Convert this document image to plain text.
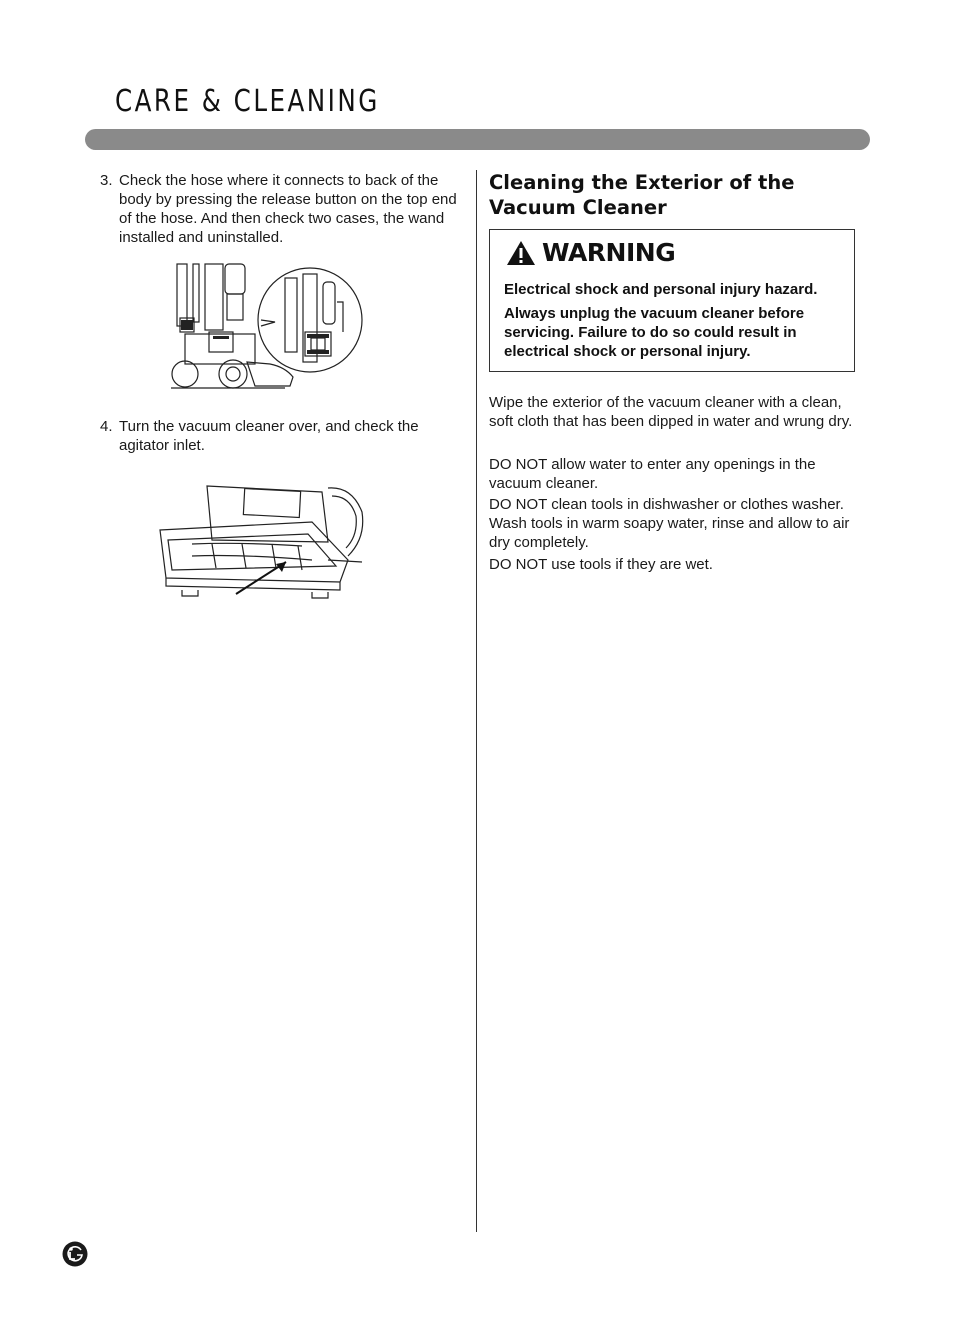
CARE & CLEANING
3. Check the hose where it connects to back of the body by pressing the release button on the top end of the hose. And then check two cases, the wand installed and uninstalled.
4. Turn the vacuum cleaner over, and check the agitator inlet.
Cleaning the Exterior of the Vacuum Cleaner
WARNING
Electrical shock and personal injury hazard.
Always unplug the vacuum cleaner before servicing. Failure to do so could result in electrical shock or personal injury.
Wipe the exterior of the vacuum cleaner with a clean, soft cloth that has been dipped in water and wrung dry.
DO NOT allow water to enter any openings in the vacuum cleaner.
DO NOT clean tools in dishwasher or clothes washer. Wash tools in warm soapy water, rinse and allow to air dry completely.
DO NOT use tools if they are wet.
